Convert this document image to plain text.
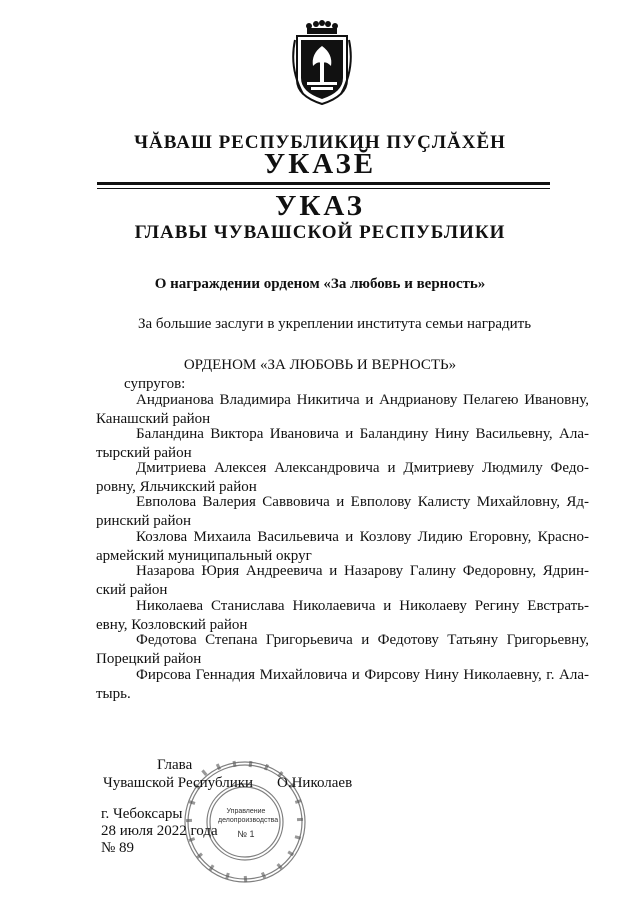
ЧĂВАШ РЕСПУБЛИКИН ПУҪЛĂХĔН
УКАЗĔ
УКАЗ
ГЛАВЫ ЧУВАШСКОЙ РЕСПУБЛИКИ
О награждении орденом «За любовь и верность»
За большие заслуги в укреплении института семьи наградить
ОРДЕНОМ «ЗА ЛЮБОВЬ И ВЕРНОСТЬ»
супругов:
Андрианова Владимира Никитича и Андрианову Пелагею Ивановну,
Канашский район
Баландина Виктора Ивановича и Баландину Нину Васильевну, Ала-
тырский район
Дмитриева Алексея Александровича и Дмитриеву Людмилу Федо-
ровну, Яльчикский район
Евполова Валерия Саввовича и Евполову Калисту Михайловну, Яд-
ринский район
Козлова Михаила Васильевича и Козлову Лидию Егоровну, Красно-
армейский муниципальный округ
Назарова Юрия Андреевича и Назарову Галину Федоровну, Ядрин-
ский район
Николаева Станислава Николаевича и Николаеву Регину Евстрать-
евну, Козловский район
Федотова Степана Григорьевича и Федотову Татьяну Григорьевну,
Порецкий район
Фирсова Геннадия Михайловича и Фирсову Нину Николаевну, г. Ала-
тырь.
Управление делопроизводства
№ 1
Глава
Чувашской Республики О.Николаев
г. Чебоксары
28 июля 2022 года
№ 89
